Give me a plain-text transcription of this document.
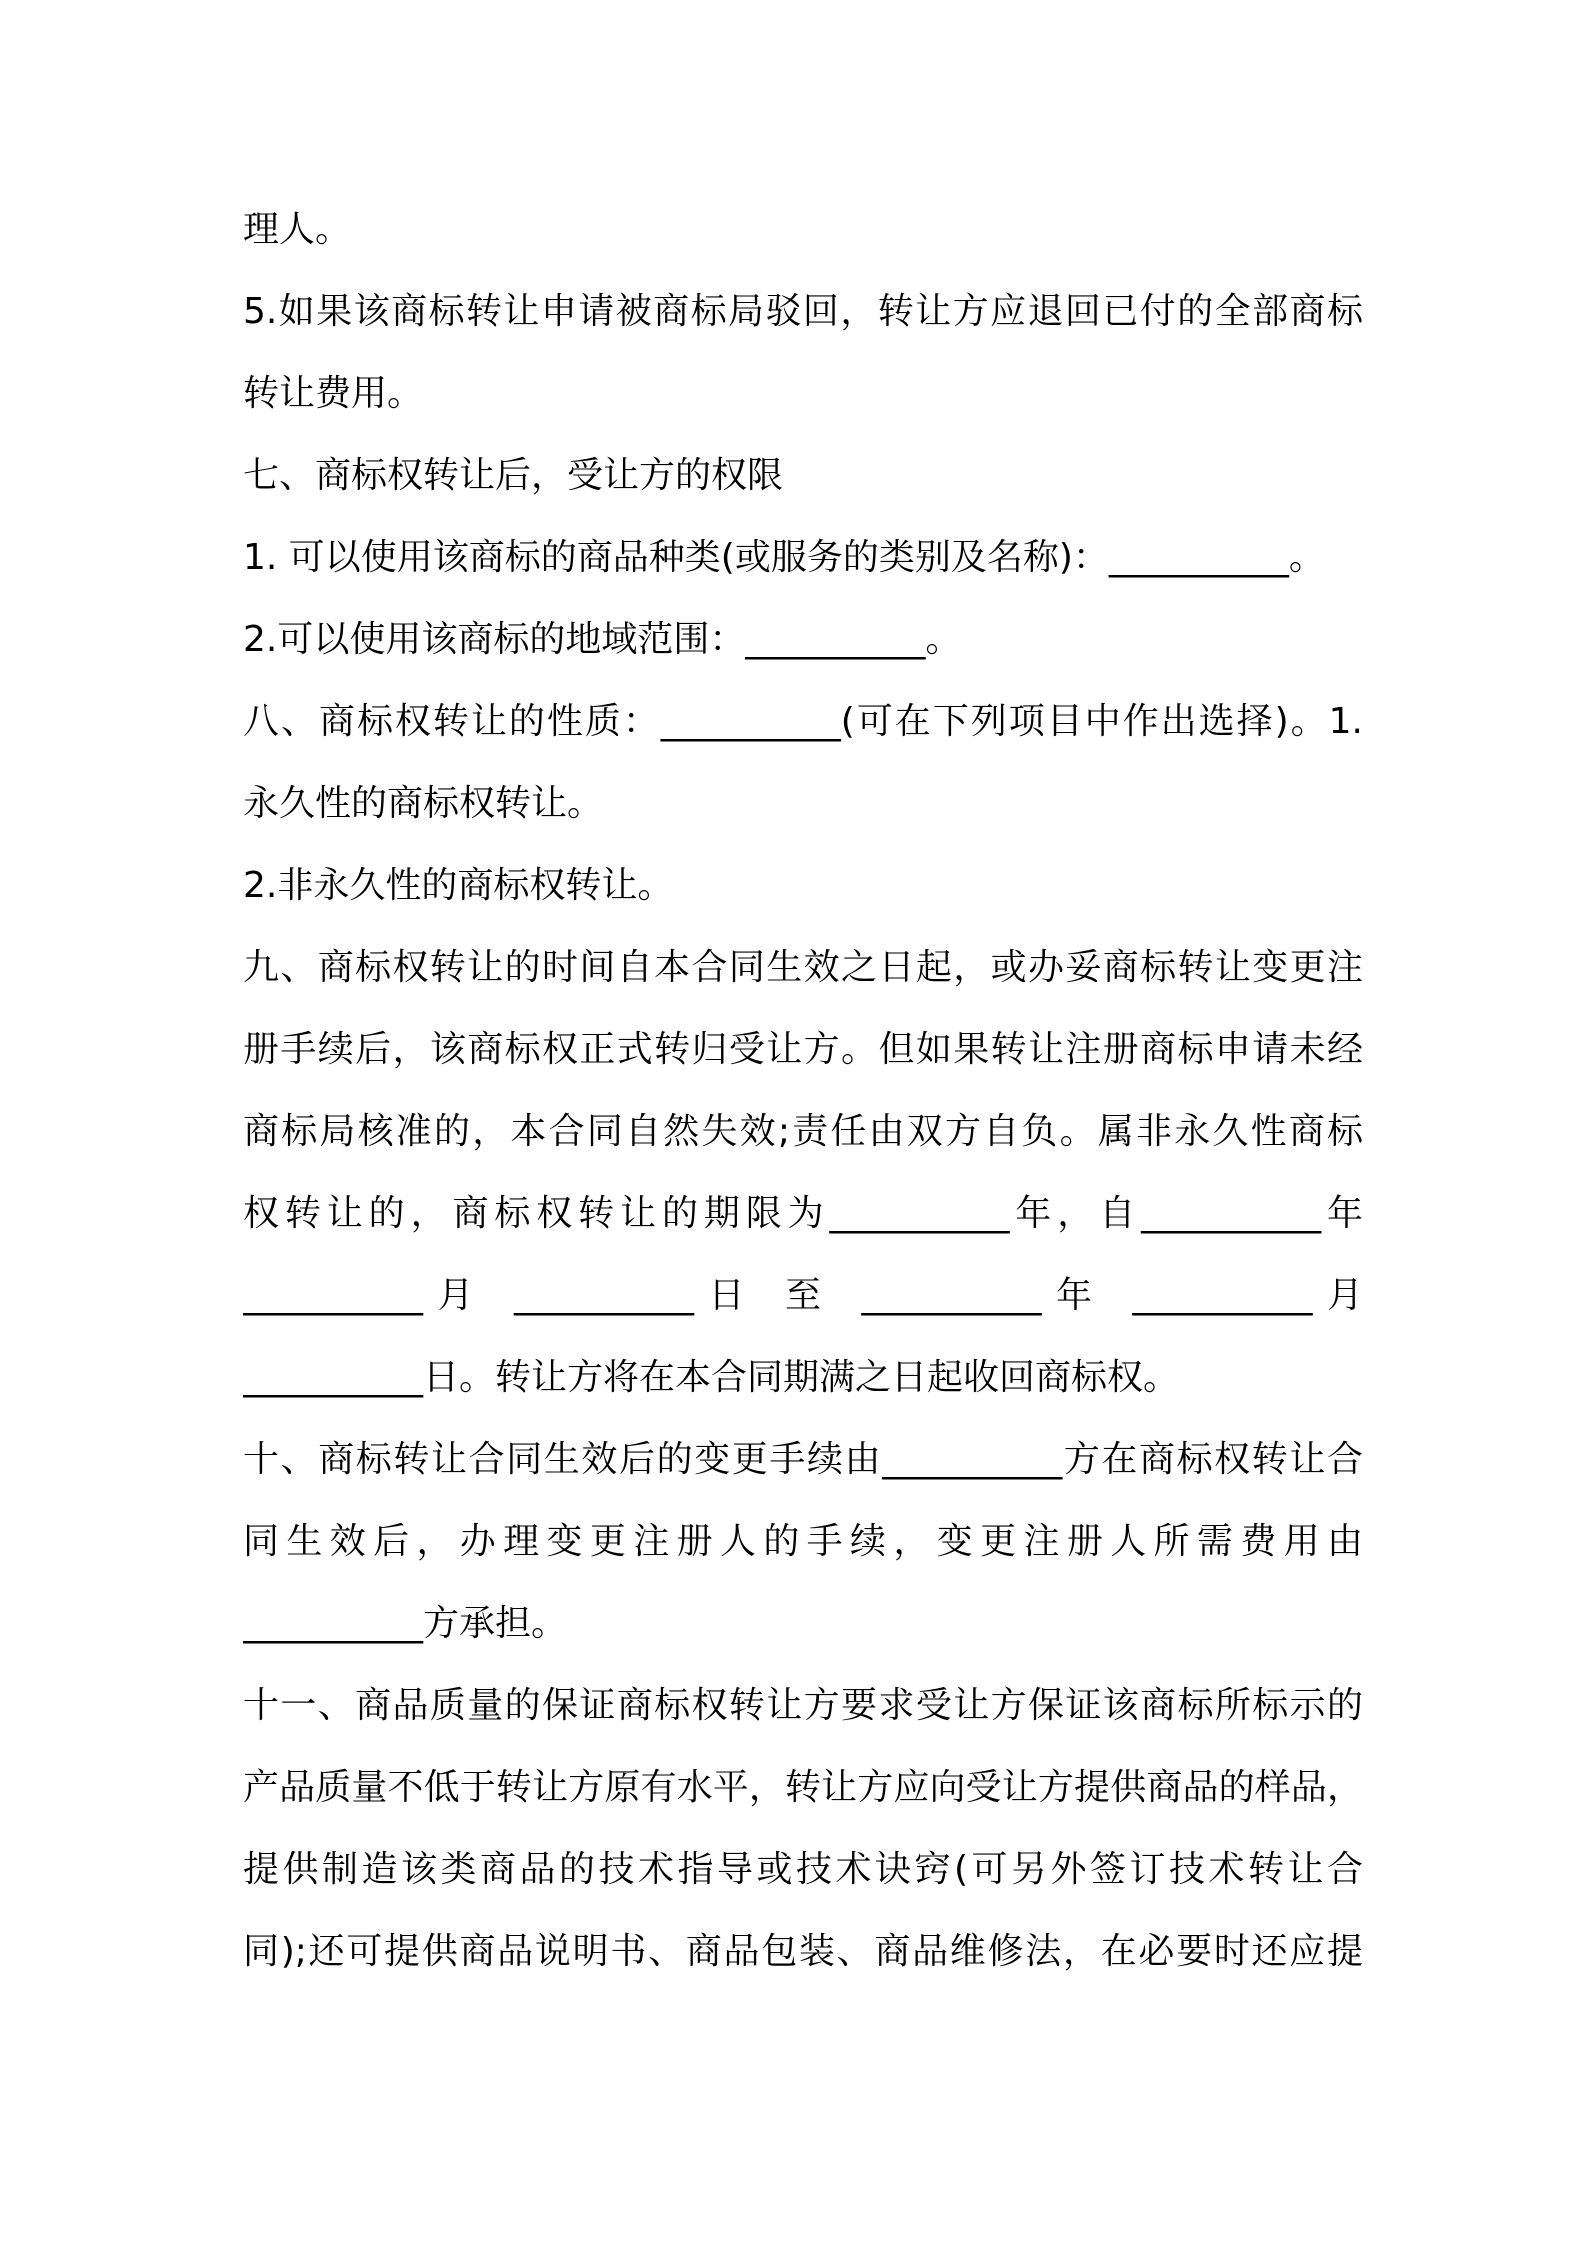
理人。
5.如果该商标转让申请被商标局驳回，转让方应退回已付的全部商标
转让费用。
七、商标权转让后，受让方的权限
1. 可以使用该商标的商品种类(或服务的类别及名称)：__________。
2.可以使用该商标的地域范围：__________。
八、商标权转让的性质：__________(可在下列项目中作出选择)。1.
永久性的商标权转让。
2.非永久性的商标权转让。
九、商标权转让的时间自本合同生效之日起，或办妥商标转让变更注
册手续后，该商标权正式转归受让方。但如果转让注册商标申请未经
商标局核准的，本合同自然失效;责任由双方自负。属非永久性商标
权转让的，商标权转让的期限为__________年，自__________年
__________月 __________日 至 __________年 __________月
__________日。转让方将在本合同期满之日起收回商标权。
十、商标转让合同生效后的变更手续由__________方在商标权转让合
同生效后，办理变更注册人的手续，变更注册人所需费用由
__________方承担。
十一、商品质量的保证商标权转让方要求受让方保证该商标所标示的
产品质量不低于转让方原有水平，转让方应向受让方提供商品的样品，
提供制造该类商品的技术指导或技术诀窍(可另外签订技术转让合
同);还可提供商品说明书、商品包装、商品维修法，在必要时还应提
